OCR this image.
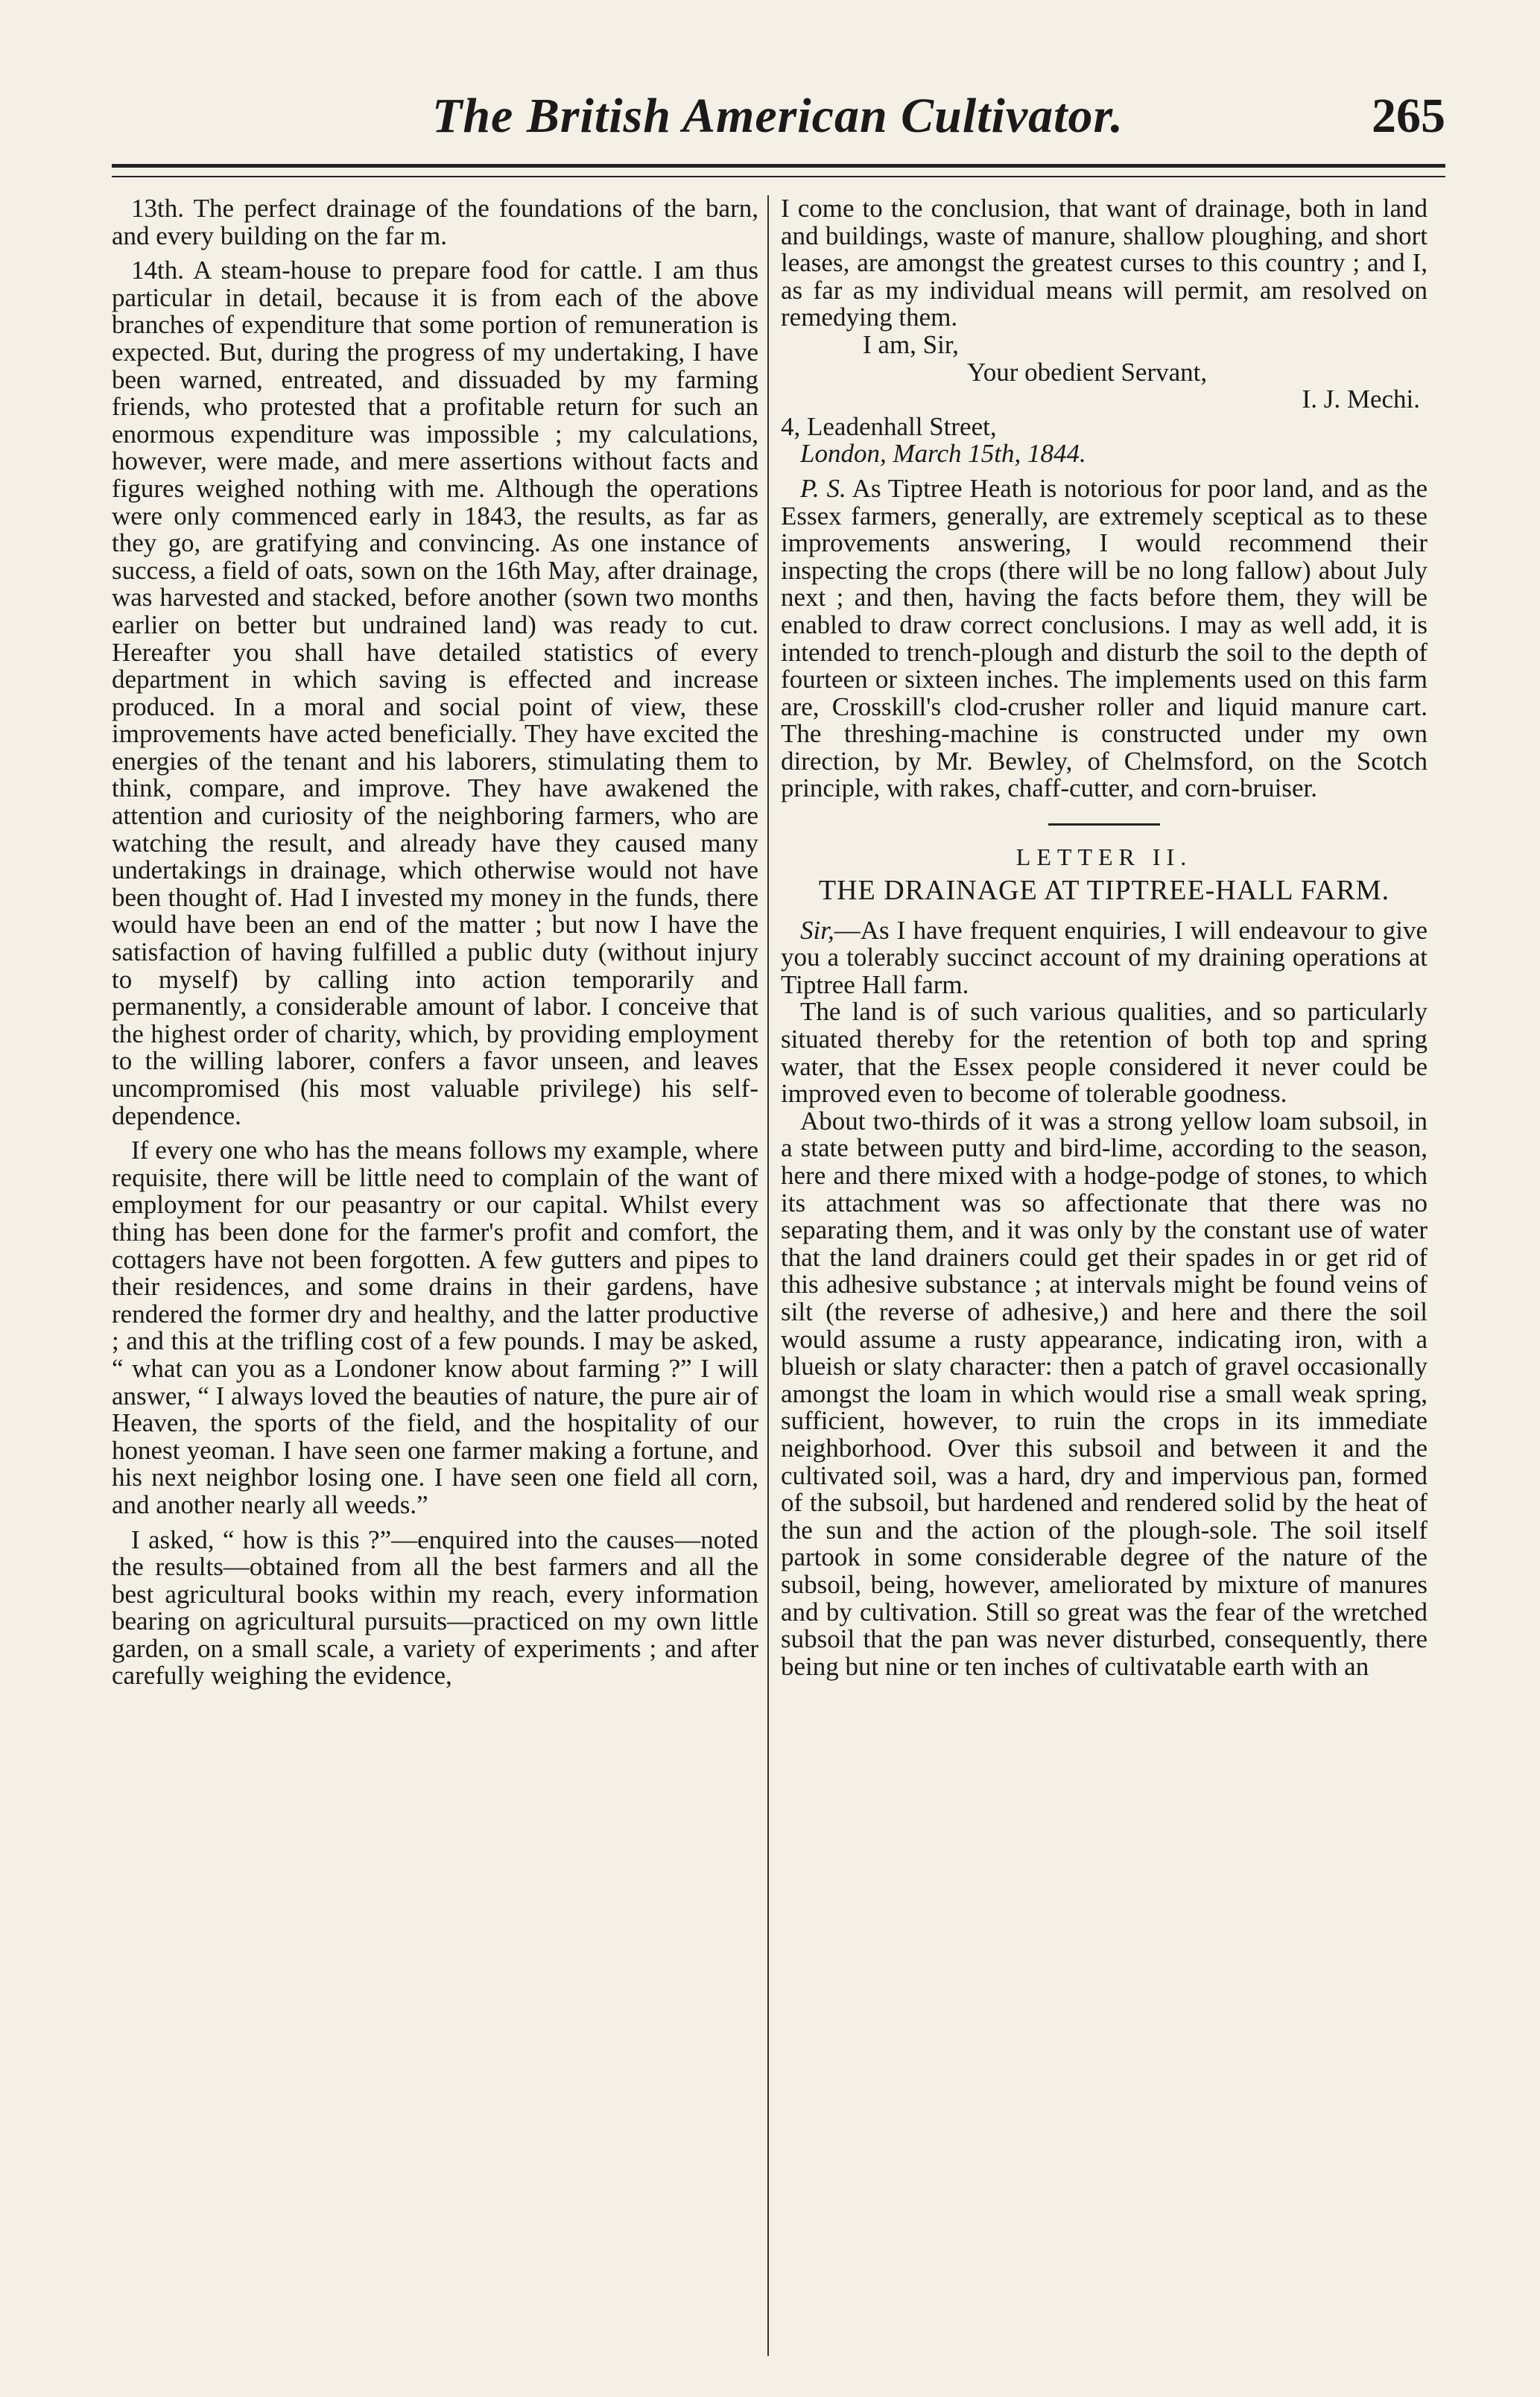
The British American Cultivator.	265

13th. The perfect drainage of the foundations of the barn, and every building on the far m.

14th. A steam-house to prepare food for cattle. I am thus particular in detail, because it is from each of the above branches of expenditure that some portion of remuneration is expected. But, during the progress of my undertaking, I have been warned, entreated, and dissuaded by my farming friends, who protested that a profitable return for such an enormous expenditure was impossible ; my calculations, however, were made, and mere assertions without facts and figures weighed nothing with me. Although the operations were only commenced early in 1843, the results, as far as they go, are gratifying and convincing. As one instance of success, a field of oats, sown on the 16th May, after drainage, was harvested and stacked, before another (sown two months earlier on better but undrained land) was ready to cut. Hereafter you shall have detailed statistics of every department in which saving is effected and increase produced. In a moral and social point of view, these improvements have acted beneficially. They have excited the energies of the tenant and his laborers, stimulating them to think, compare, and improve. They have awakened the attention and curiosity of the neighboring farmers, who are watching the result, and already have they caused many undertakings in drainage, which otherwise would not have been thought of. Had I invested my money in the funds, there would have been an end of the matter ; but now I have the satisfaction of having fulfilled a public duty (without injury to myself) by calling into action temporarily and permanently, a considerable amount of labor. I conceive that the highest order of charity, which, by providing employment to the willing laborer, confers a favor unseen, and leaves uncompromised (his most valuable privilege) his self-dependence.

If every one who has the means follows my example, where requisite, there will be little need to complain of the want of employment for our peasantry or our capital. Whilst every thing has been done for the farmer's profit and comfort, the cottagers have not been forgotten. A few gutters and pipes to their residences, and some drains in their gardens, have rendered the former dry and healthy, and the latter productive ; and this at the trifling cost of a few pounds. I may be asked, “ what can you as a Londoner know about farming ?” I will answer, “ I always loved the beauties of nature, the pure air of Heaven, the sports of the field, and the hospitality of our honest yeoman. I have seen one farmer making a fortune, and his next neighbor losing one. I have seen one field all corn, and another nearly all weeds.”

I asked, “ how is this ?”—enquired into the causes—noted the results—obtained from all the best farmers and all the best agricultural books within my reach, every information bearing on agricultural pursuits—practiced on my own little garden, on a small scale, a variety of experiments ; and after carefully weighing the evidence,

I come to the conclusion, that want of drainage, both in land and buildings, waste of manure, shallow ploughing, and short leases, are amongst the greatest curses to this country ; and I, as far as my individual means will permit, am resolved on remedying them.

I am, Sir,

Your obedient Servant,

I. J. Mechi.

4, Leadenhall Street,

London, March 15th, 1844.

P. S. As Tiptree Heath is notorious for poor land, and as the Essex farmers, generally, are extremely sceptical as to these improvements answering, I would recommend their inspecting the crops (there will be no long fallow) about July next ; and then, having the facts before them, they will be enabled to draw correct conclusions. I may as well add, it is intended to trench-plough and disturb the soil to the depth of fourteen or sixteen inches. The implements used on this farm are, Crosskill's clod-crusher roller and liquid manure cart. The threshing-machine is constructed under my own direction, by Mr. Bewley, of Chelmsford, on the Scotch principle, with rakes, chaff-cutter, and corn-bruiser.

LETTER II.

THE DRAINAGE AT TIPTREE-HALL FARM.

Sir,—As I have frequent enquiries, I will endeavour to give you a tolerably succinct account of my draining operations at Tiptree Hall farm.

The land is of such various qualities, and so particularly situated thereby for the retention of both top and spring water, that the Essex people considered it never could be improved even to become of tolerable goodness.

About two-thirds of it was a strong yellow loam subsoil, in a state between putty and bird-lime, according to the season, here and there mixed with a hodge-podge of stones, to which its attachment was so affectionate that there was no separating them, and it was only by the constant use of water that the land drainers could get their spades in or get rid of this adhesive substance ; at intervals might be found veins of silt (the reverse of adhesive,) and here and there the soil would assume a rusty appearance, indicating iron, with a blueish or slaty character: then a patch of gravel occasionally amongst the loam in which would rise a small weak spring, sufficient, however, to ruin the crops in its immediate neighborhood. Over this subsoil and between it and the cultivated soil, was a hard, dry and impervious pan, formed of the subsoil, but hardened and rendered solid by the heat of the sun and the action of the plough-sole. The soil itself partook in some considerable degree of the nature of the subsoil, being, however, ameliorated by mixture of manures and by cultivation. Still so great was the fear of the wretched subsoil that the pan was never disturbed, consequently, there being but nine or ten inches of cultivatable earth with an
